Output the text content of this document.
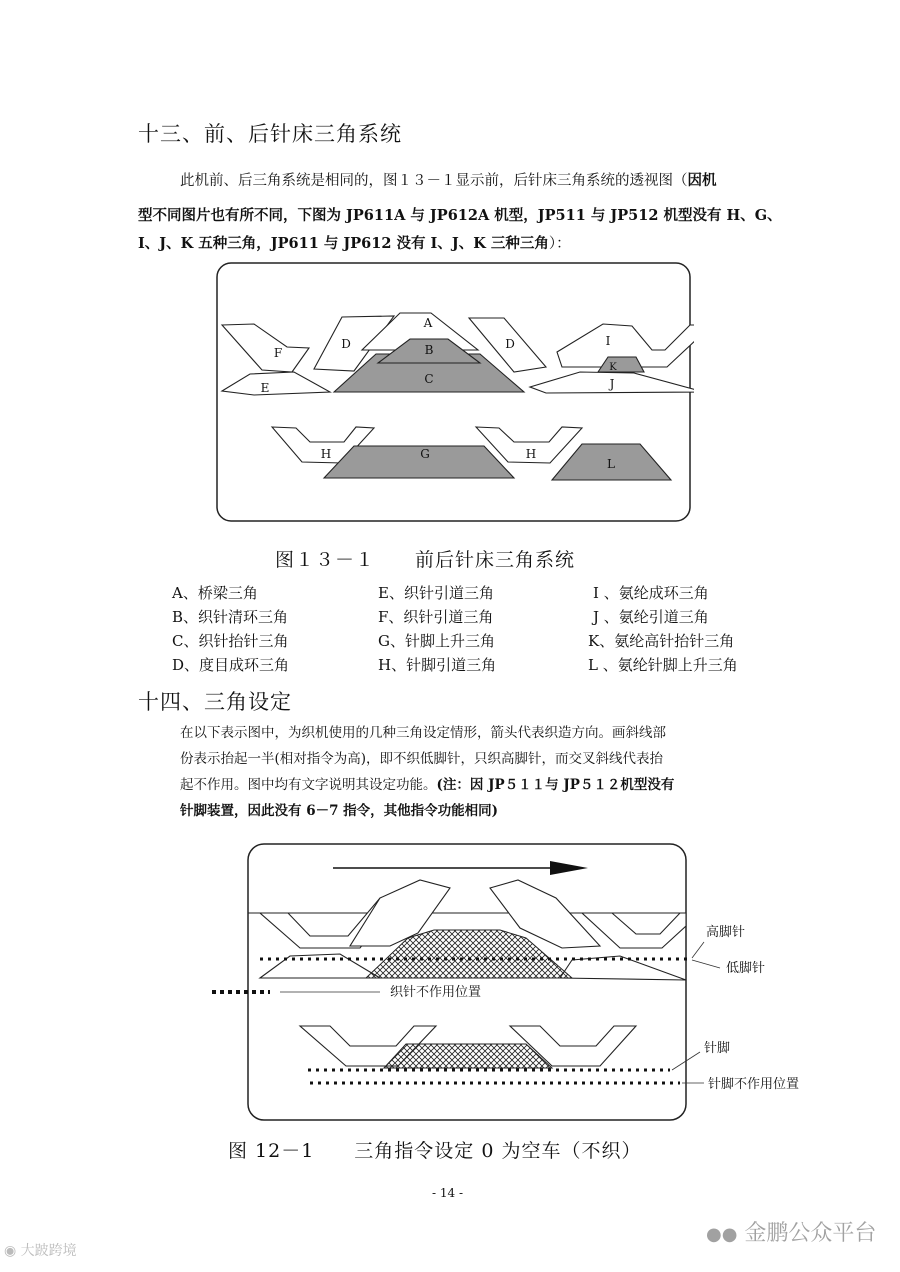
十三、前、后针床三角系统
此机前、后三角系统是相同的，图１３－１显示前，后针床三角系统的透视图（因机
型不同图片也有所不同，下图为 JP611A 与 JP612A 机型，JP511 与 JP512 机型没有 H、G、
I、J、K 五种三角，JP611 与 JP612 没有 I、J、K 三种三角）：
A
B
C
D	D
E
F
G
H	H
I
J
K
L
图１３－１　　前后针床三角系统
A、桥梁三角	E、织针引道三角	I 、氨纶成环三角
B、织针清环三角	F、织针引道三角	J 、氨纶引道三角
C、织针抬针三角	G、针脚上升三角	K、氨纶高针抬针三角
D、度目成环三角	H、针脚引道三角	L 、氨纶针脚上升三角
十四、三角设定
在以下表示图中，为织机使用的几种三角设定情形，箭头代表织造方向。画斜线部
份表示抬起一半(相对指令为高)，即不织低脚针，只织高脚针，而交叉斜线代表抬
起不作用。图中均有文字说明其设定功能。(注：因 JP５１１与 JP５１２机型没有
针脚装置，因此没有 6－7 指令，其他指令功能相同)
高脚针
低脚针
织针不作用位置
针脚
针脚不作用位置
图 12－1　　三角指令设定 0 为空车（不织）
- 14 -
●● 金鹏公众平台
◉ 大跛跨境
